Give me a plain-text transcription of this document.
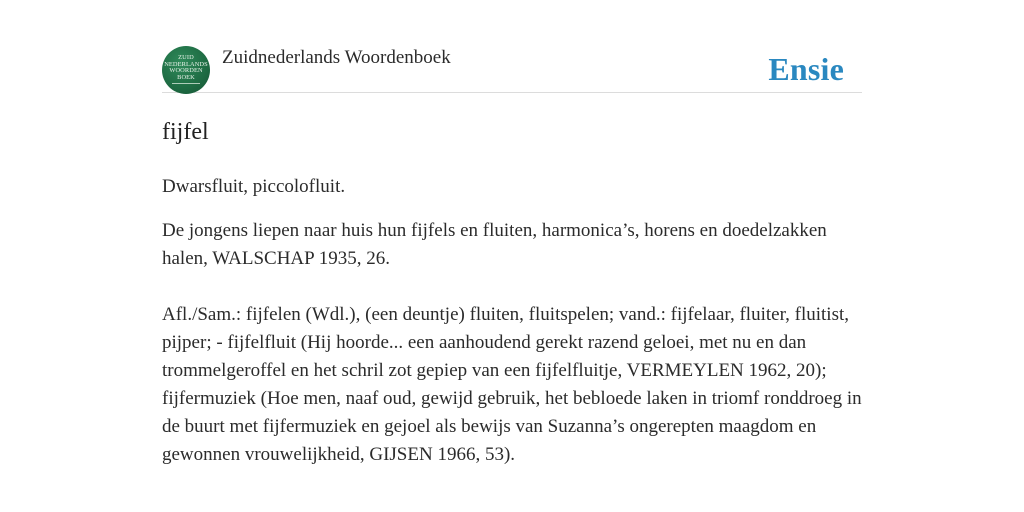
ZUID NEDERLANDS WOORDEN BOEK
Zuidnederlands Woordenboek	Ensie
fijfel

Dwarsfluit, piccolofluit.

De jongens liepen naar huis hun fijfels en fluiten, harmonica’s, horens en doedelzakken halen, WALSCHAP 1935, 26.

Afl./Sam.: fijfelen (Wdl.), (een deuntje) fluiten, fluitspelen; vand.: fijfelaar, fluiter, fluitist, pijper; - fijfelfluit (Hij hoorde... een aanhoudend gerekt razend geloei, met nu en dan trommelgeroffel en het schril zot gepiep van een fijfelfluitje, VERMEYLEN 1962, 20); fijfermuziek (Hoe men, naaf oud, gewijd gebruik, het bebloede laken in triomf ronddroeg in de buurt met fijfermuziek en gejoel als bewijs van Suzanna’s ongerepten maagdom en gewonnen vrouwelijkheid, GIJSEN 1966, 53).
